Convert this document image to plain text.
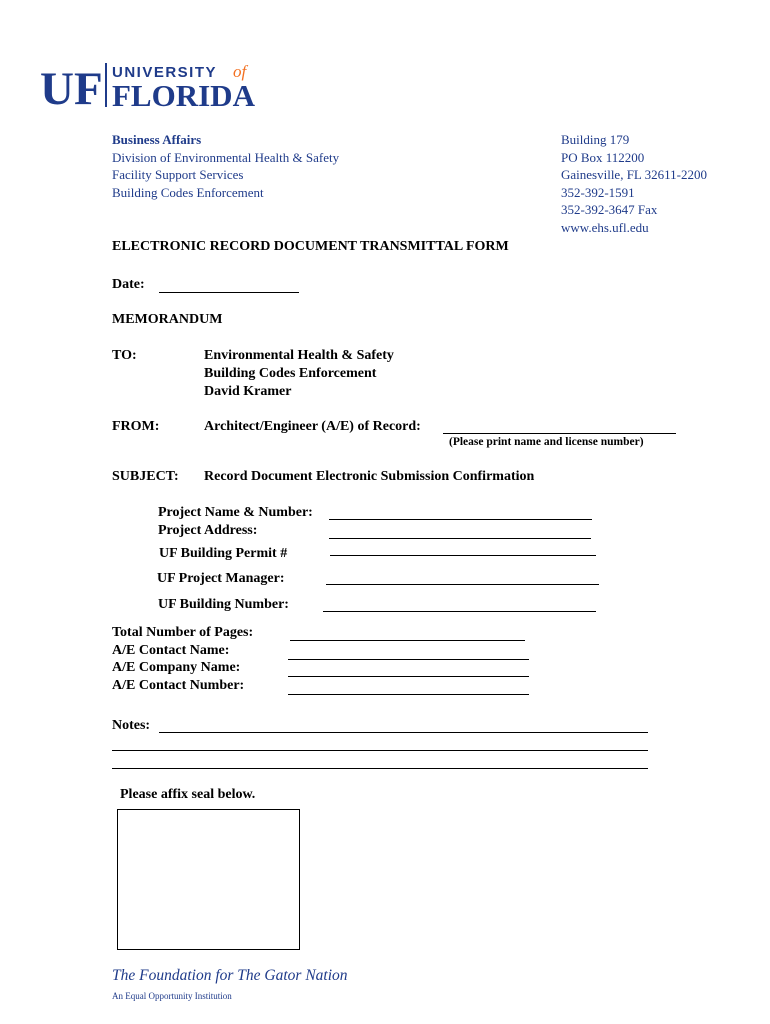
UF UNIVERSITY of
FLORIDA
Business Affairs
Division of Environmental Health & Safety
Facility Support Services
Building Codes Enforcement
Building 179
PO Box 112200
Gainesville, FL 32611-2200
352-392-1591
352-392-3647 Fax
www.ehs.ufl.edu
ELECTRONIC RECORD DOCUMENT TRANSMITTAL FORM
Date:
MEMORANDUM
TO:	Environmental Health & Safety
Building Codes Enforcement
David Kramer
FROM:	Architect/Engineer (A/E) of Record:
(Please print name and license number)
SUBJECT: Record Document Electronic Submission Confirmation
Project Name & Number:
Project Address:
UF Building Permit #
UF Project Manager:
UF Building Number:
Total Number of Pages:
A/E Contact Name:
A/E Company Name:
A/E Contact Number:
Notes:
Please affix seal below.
The Foundation for The Gator Nation
An Equal Opportunity Institution
